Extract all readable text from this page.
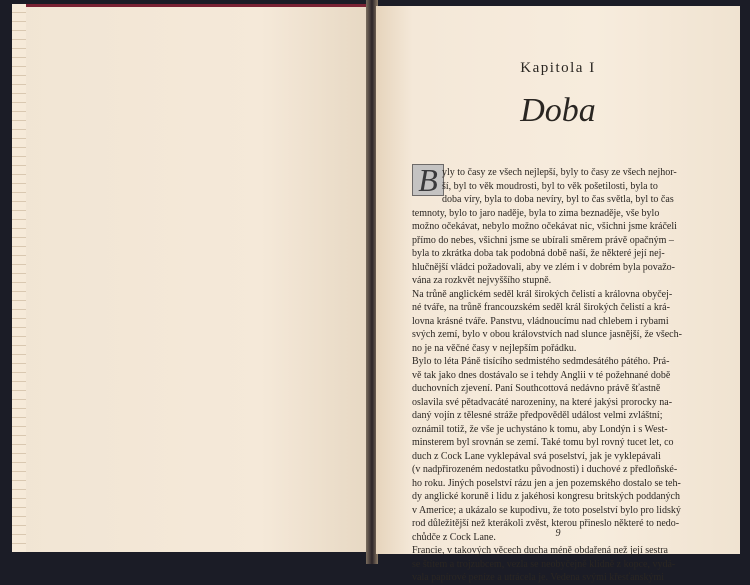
Kapitola I
Doba
B yly to časy ze všech nejlepší, byly to časy ze všech nejhor-
ší, byl to věk moudrosti, byl to věk pošetilosti, byla to
doba víry, byla to doba nevíry, byl to čas světla, byl to čas
temnoty, bylo to jaro naděje, byla to zima beznaděje, vše bylo
možno očekávat, nebylo možno očekávat nic, všichni jsme kráčeli
přímo do nebes, všichni jsme se ubírali směrem právě opačným –
byla to zkrátka doba tak podobná době naší, že některé její nej-
hlučnější vládci požadovali, aby ve zlém i v dobrém byla považo-
vána za rozkvět nejvyššího stupně.
Na trůně anglickém seděl král širokých čelistí a královna obyčej-
né tváře, na trůně francouzském seděl král širokých čelistí a krá-
lovna krásné tváře. Panstvu, vládnoucímu nad chlebem i rybami
svých zemí, bylo v obou královstvích nad slunce jasnější, že všech-
no je na věčné časy v nejlepším pořádku.
Bylo to léta Páně tisícího sedmistého sedmdesátého pátého. Prá-
vě tak jako dnes dostávalo se i tehdy Anglii v té požehnané době
duchovních zjevení. Paní Southcottová nedávno právě šťastně
oslavila své pětadvacáté narozeniny, na které jakýsi prorocky na-
daný vojín z tělesné stráže předpověděl událost velmi zvláštní;
oznámil totiž, že vše je uchystáno k tomu, aby Londýn i s West-
minsterem byl srovnán se zemí. Také tomu byl rovný tucet let, co
duch z Cock Lane vyklepával svá poselství, jak je vyklepávali
(v nadpřirozeném nedostatku původnosti) i duchové z předloňské-
ho roku. Jiných poselství rázu jen a jen pozemského dostalo se teh-
dy anglické koruně i lidu z jakéhosi kongresu britských poddaných
v Americe; a ukázalo se kupodivu, že toto poselství bylo pro lidský
rod důležitější než kterákoli zvěst, kterou přineslo některé to nedo-
chůdče z Cock Lane.
Francie, v takových věcech ducha méně obdařená než její sestra
se štítem a trojzubcem, vezla se neobyčejně klidně z kopce, vydá-
vala papírové peníze a utrácela je. Vedena svými křesťanskými
9
